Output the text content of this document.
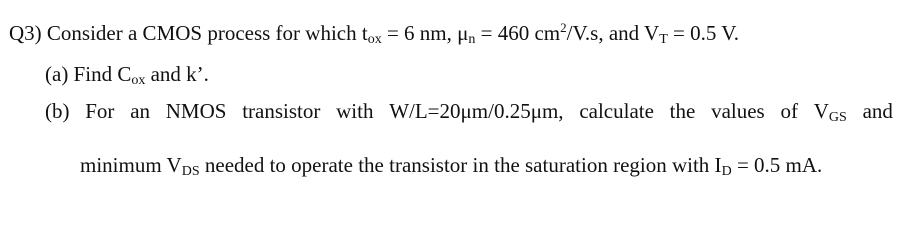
Q3) Consider a CMOS process for which $t_{ox} = 6$ nm, $\mu_n = 460$ $cm^2/V.s$, and $V_T = 0.5$ V.
(a) Find $C_{ox}$ and k’.
(b) For an NMOS transistor with W/L=20μm/0.25μm, calculate the values of $V_{GS}$ and
minimum $V_{DS}$ needed to operate the transistor in the saturation region with $I_D = 0.5$ mA.
